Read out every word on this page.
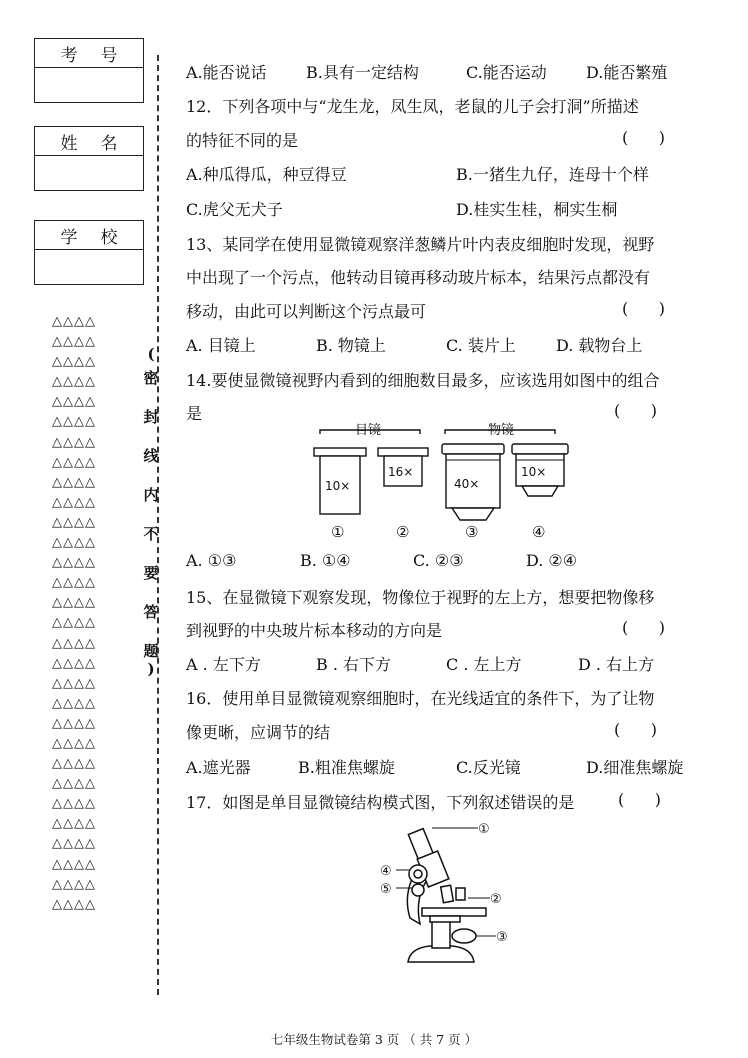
考 号
姓 名
学 校
△△△△
△△△△
△△△△
△△△△
△△△△
△△△△
△△△△
△△△△
△△△△
△△△△
△△△△
△△△△
△△△△
△△△△
△△△△
△△△△
△△△△
△△△△
△△△△
△△△△
△△△△
△△△△
△△△△
△△△△
△△△△
△△△△
△△△△
△△△△
△△△△
△△△△
(
密
封
线
内
不
要
答
题
)
A.能否说话 B.具有一定结构	C.能否运动 D.能否繁殖
12．下列各项中与“龙生龙，凤生凤，老鼠的儿子会打洞”所描述
的特征不同的是	(      )
A.种瓜得瓜，种豆得豆	B.一猪生九仔，连母十个样
C.虎父无犬子	D.桂实生桂，桐实生桐
13、某同学在使用显微镜观察洋葱鳞片叶内表皮细胞时发现，视野
中出现了一个污点，他转动目镜再移动玻片标本，结果污点都没有
移动，由此可以判断这个污点最可	(      )
A. 目镜上	B. 物镜上	C. 装片上	D. 载物台上
14.要使显微镜视野内看到的细胞数目最多，应该选用如图中的组合
是	(      )
目镜	物镜
10×
16×
40×
10×
①	②	③	④
A. ①③	B. ①④	C. ②③	D. ②④
15、在显微镜下观察发现，物像位于视野的左上方，想要把物像移
到视野的中央玻片标本移动的方向是	(      )
A . 左下方	B . 右下方	C . 左上方	D . 右上方
16．使用单目显微镜观察细胞时，在光线适宜的条件下，为了让物
像更晰，应调节的结	(      )
A.遮光器	B.粗准焦螺旋	C.反光镜	D.细准焦螺旋
17．如图是单目显微镜结构模式图，下列叙述错误的是	(      )
①
④
⑤
②
③
七年级生物试卷第 3 页 （ 共 7 页 ）
